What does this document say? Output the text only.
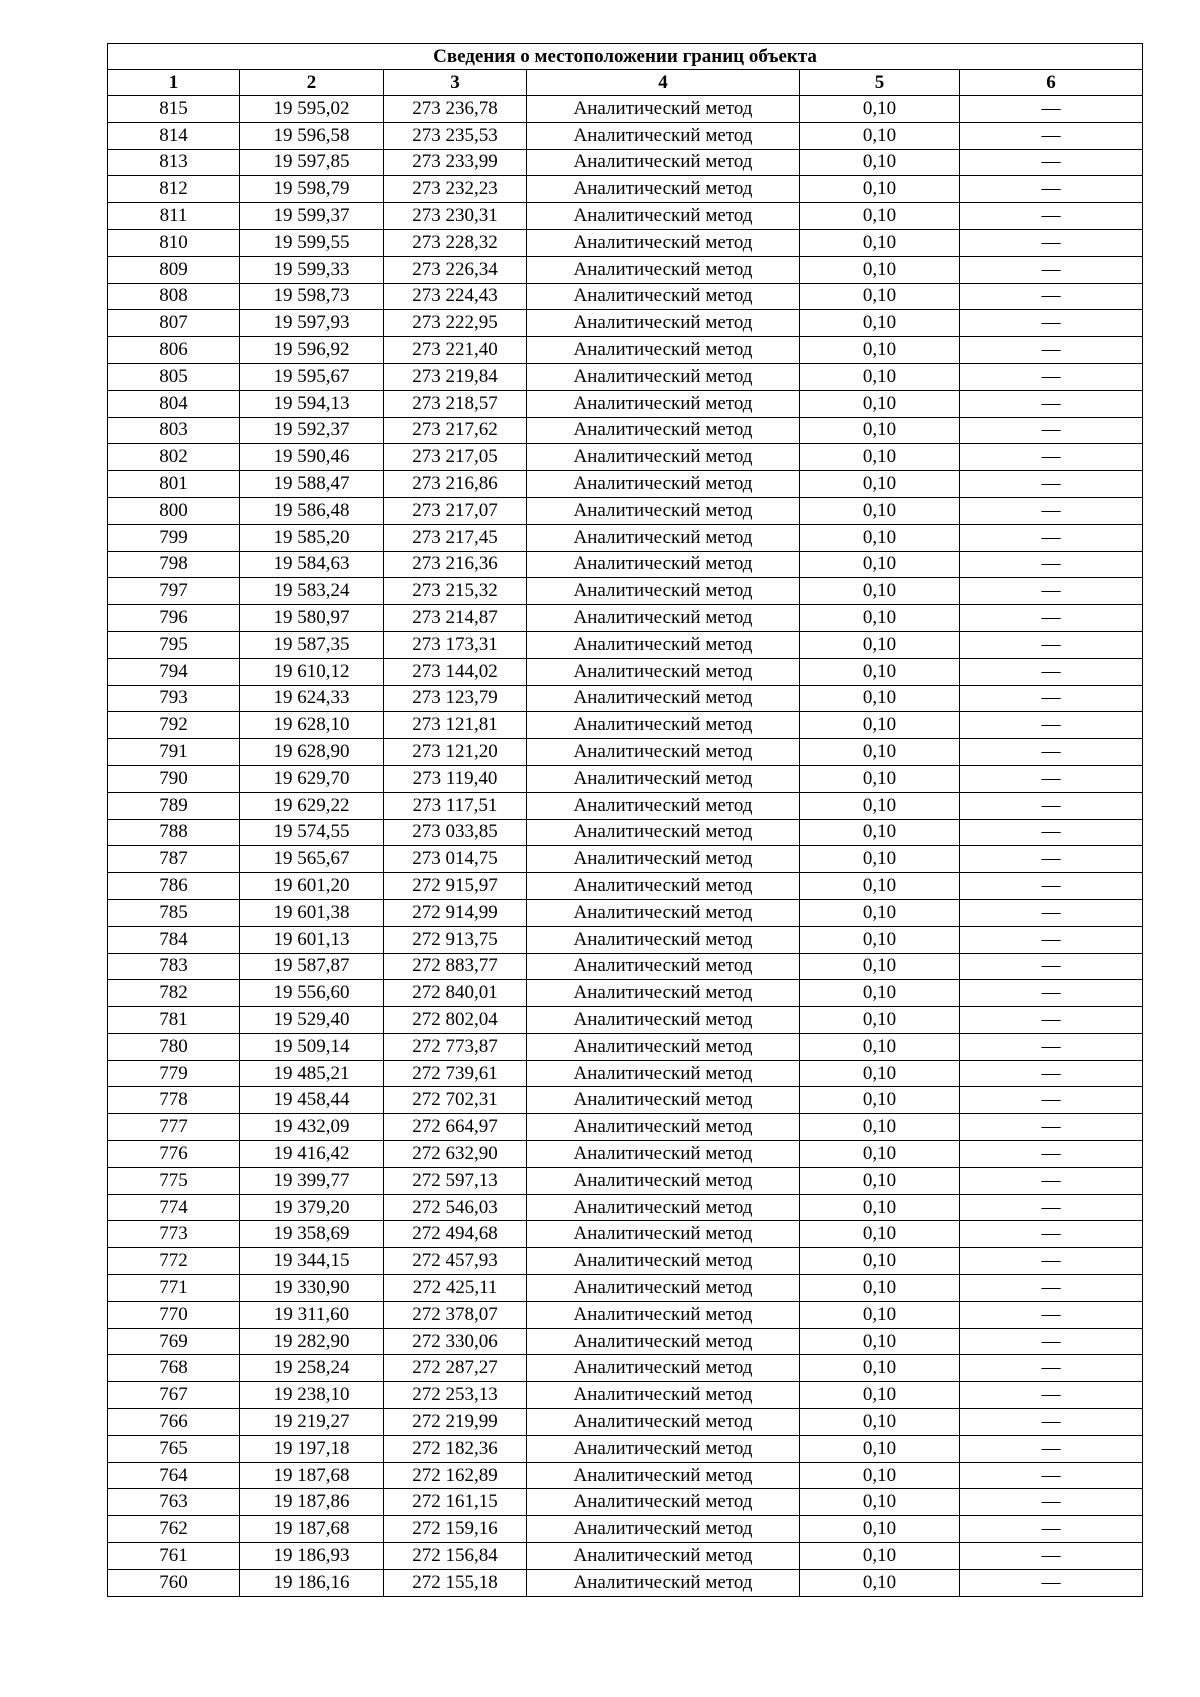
Сведения о местоположении границ объекта					
1	2	3	4	5	6
815	19 595,02	273 236,78	Аналитический метод	0,10	—
814	19 596,58	273 235,53	Аналитический метод	0,10	—
813	19 597,85	273 233,99	Аналитический метод	0,10	—
812	19 598,79	273 232,23	Аналитический метод	0,10	—
811	19 599,37	273 230,31	Аналитический метод	0,10	—
810	19 599,55	273 228,32	Аналитический метод	0,10	—
809	19 599,33	273 226,34	Аналитический метод	0,10	—
808	19 598,73	273 224,43	Аналитический метод	0,10	—
807	19 597,93	273 222,95	Аналитический метод	0,10	—
806	19 596,92	273 221,40	Аналитический метод	0,10	—
805	19 595,67	273 219,84	Аналитический метод	0,10	—
804	19 594,13	273 218,57	Аналитический метод	0,10	—
803	19 592,37	273 217,62	Аналитический метод	0,10	—
802	19 590,46	273 217,05	Аналитический метод	0,10	—
801	19 588,47	273 216,86	Аналитический метод	0,10	—
800	19 586,48	273 217,07	Аналитический метод	0,10	—
799	19 585,20	273 217,45	Аналитический метод	0,10	—
798	19 584,63	273 216,36	Аналитический метод	0,10	—
797	19 583,24	273 215,32	Аналитический метод	0,10	—
796	19 580,97	273 214,87	Аналитический метод	0,10	—
795	19 587,35	273 173,31	Аналитический метод	0,10	—
794	19 610,12	273 144,02	Аналитический метод	0,10	—
793	19 624,33	273 123,79	Аналитический метод	0,10	—
792	19 628,10	273 121,81	Аналитический метод	0,10	—
791	19 628,90	273 121,20	Аналитический метод	0,10	—
790	19 629,70	273 119,40	Аналитический метод	0,10	—
789	19 629,22	273 117,51	Аналитический метод	0,10	—
788	19 574,55	273 033,85	Аналитический метод	0,10	—
787	19 565,67	273 014,75	Аналитический метод	0,10	—
786	19 601,20	272 915,97	Аналитический метод	0,10	—
785	19 601,38	272 914,99	Аналитический метод	0,10	—
784	19 601,13	272 913,75	Аналитический метод	0,10	—
783	19 587,87	272 883,77	Аналитический метод	0,10	—
782	19 556,60	272 840,01	Аналитический метод	0,10	—
781	19 529,40	272 802,04	Аналитический метод	0,10	—
780	19 509,14	272 773,87	Аналитический метод	0,10	—
779	19 485,21	272 739,61	Аналитический метод	0,10	—
778	19 458,44	272 702,31	Аналитический метод	0,10	—
777	19 432,09	272 664,97	Аналитический метод	0,10	—
776	19 416,42	272 632,90	Аналитический метод	0,10	—
775	19 399,77	272 597,13	Аналитический метод	0,10	—
774	19 379,20	272 546,03	Аналитический метод	0,10	—
773	19 358,69	272 494,68	Аналитический метод	0,10	—
772	19 344,15	272 457,93	Аналитический метод	0,10	—
771	19 330,90	272 425,11	Аналитический метод	0,10	—
770	19 311,60	272 378,07	Аналитический метод	0,10	—
769	19 282,90	272 330,06	Аналитический метод	0,10	—
768	19 258,24	272 287,27	Аналитический метод	0,10	—
767	19 238,10	272 253,13	Аналитический метод	0,10	—
766	19 219,27	272 219,99	Аналитический метод	0,10	—
765	19 197,18	272 182,36	Аналитический метод	0,10	—
764	19 187,68	272 162,89	Аналитический метод	0,10	—
763	19 187,86	272 161,15	Аналитический метод	0,10	—
762	19 187,68	272 159,16	Аналитический метод	0,10	—
761	19 186,93	272 156,84	Аналитический метод	0,10	—
760	19 186,16	272 155,18	Аналитический метод	0,10	—
